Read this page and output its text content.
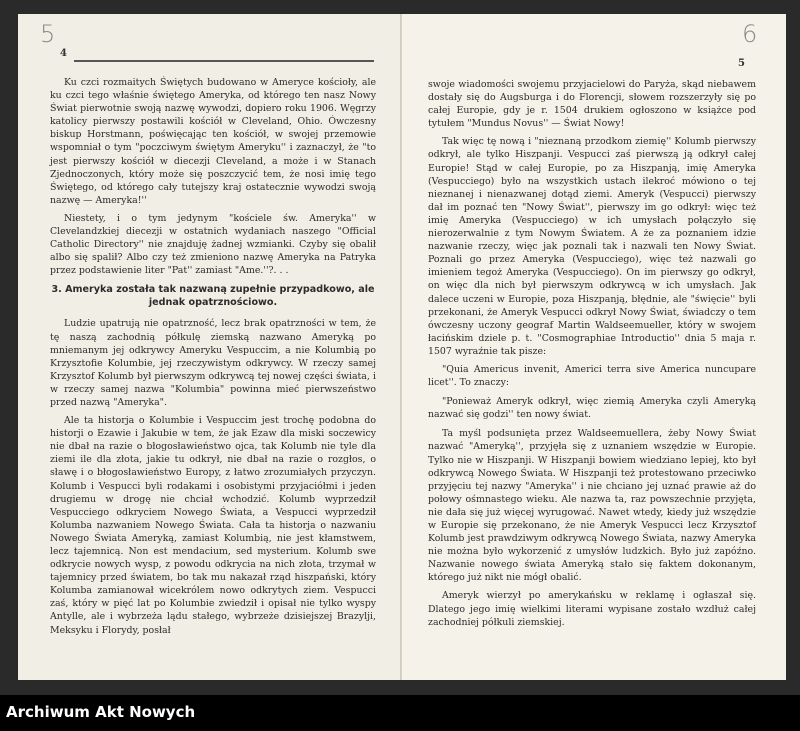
5
4

Ku czci rozmaitych Świętych budowano w Ameryce kościoły, ale ku czci tego właśnie świętego Ameryka, od którego ten nasz Nowy Świat pierwotnie swoją nazwę wywodzi, dopiero roku 1906. Węgrzy katolicy pierwszy postawili kościół w Cleveland, Ohio. Ówczesny biskup Horstmann, poświęcając ten kościół, w swojej przemowie wspomniał o tym "poczciwym świętym Ameryku'' i zaznaczył, że "to jest pierwszy kościół w diecezji Cleveland, a może i w Stanach Zjednoczonych, który może się poszczycić tem, że nosi imię tego Świętego, od którego cały tutejszy kraj ostatecznie wywodzi swoją nazwę — Ameryka!''

Niestety, i o tym jedynym "kościele św. Ameryka'' w Clevelandzkiej diecezji w ostatnich wydaniach naszego "Official Catholic Directory'' nie znajduję żadnej wzmianki. Czyby się obalił albo się spalił? Albo czy też zmieniono nazwę Ameryka na Patryka przez podstawienie liter "Pat'' zamiast "Ame.''?. . .

3. Ameryka została tak nazwaną zupełnie przypadkowo, ale jednak opatrznościowo.

Ludzie upatrują nie opatrzność, lecz brak opatrzności w tem, że tę naszą zachodnią półkulę ziemską nazwano Ameryką po mniemanym jej odkrywcy Ameryku Vespuccim, a nie Kolumbią po Krzysztofie Kolumbie, jej rzeczywistym odkrywcy. W rzeczy samej Krzysztof Kolumb był pierwszym odkrywcą tej nowej części świata, i w rzeczy samej nazwa "Kolumbia" powinna mieć pierwszeństwo przed nazwą "Ameryka".

Ale ta historja o Kolumbie i Vespuccim jest trochę podobna do historji o Ezawie i Jakubie w tem, że jak Ezaw dla miski soczewicy nie dbał na razie o błogosławieństwo ojca, tak Kolumb nie tyle dla ziemi ile dla złota, jakie tu odkrył, nie dbał na razie o rozgłos, o sławę i o błogosławieństwo Europy, z łatwo zrozumiałych przyczyn. Kolumb i Vespucci byli rodakami i osobistymi przyjaciółmi i jeden drugiemu w drogę nie chciał wchodzić. Kolumb wyprzedził Vespucciego odkryciem Nowego Świata, a Vespucci wyprzedził Kolumba nazwaniem Nowego Świata. Cała ta historja o nazwaniu Nowego Świata Ameryką, zamiast Kolumbią, nie jest kłamstwem, lecz tajemnicą. Non est mendacium, sed mysterium. Kolumb swe odkrycie nowych wysp, z powodu odkrycia na nich złota, trzymał w tajemnicy przed światem, bo tak mu nakazał rząd hiszpański, który Kolumba zamianował wicekrólem nowo odkrytych ziem. Vespucci zaś, który w pięć lat po Kolumbie zwiedził i opisał nie tylko wyspy Antylle, ale i wybrzeża lądu stałego, wybrzeże dzisiejszej Brazylji, Meksyku i Florydy, posłał

6
5

swoje wiadomości swojemu przyjacielowi do Paryża, skąd niebawem dostały się do Augsburga i do Florencji, słowem rozszerzyły się po całej Europie, gdy je r. 1504 drukiem ogłoszono w książce pod tytułem "Mundus Novus'' — Świat Nowy!

Tak więc tę nową i "nieznaną przodkom ziemię'' Kolumb pierwszy odkrył, ale tylko Hiszpanji. Vespucci zaś pierwszą ją odkrył całej Europie! Stąd w całej Europie, po za Hiszpanją, imię Ameryka (Vespucciego) było na wszystkich ustach ilekroć mówiono o tej nieznanej i nienazwanej dotąd ziemi. Ameryk (Vespucci) pierwszy dał im poznać ten "Nowy Świat'', pierwszy im go odkrył: więc też imię Ameryka (Vespucciego) w ich umysłach połączyło się nierozerwalnie z tym Nowym Światem. A że za poznaniem idzie nazwanie rzeczy, więc jak poznali tak i nazwali ten Nowy Świat. Poznali go przez Ameryka (Vespucciego), więc też nazwali go imieniem tegoż Ameryka (Vespucciego). On im pierwszy go odkrył, on więc dla nich był pierwszym odkrywcą w ich umysłach. Jak dalece uczeni w Europie, poza Hiszpanją, błędnie, ale "święcie'' byli przekonani, że Ameryk Vespucci odkrył Nowy Świat, świadczy o tem ówczesny uczony geograf Martin Waldseemueller, który w swojem łacińskim dziele p. t. "Cosmographiae Introductio'' dnia 5 maja r. 1507 wyraźnie tak pisze:

"Quia Americus invenit, Americi terra sive America nuncupare licet''. To znaczy:

"Ponieważ Ameryk odkrył, więc ziemią Ameryka czyli Ameryką nazwać się godzi'' ten nowy świat.

Ta myśl podsunięta przez Waldseemuellera, żeby Nowy Świat nazwać "Ameryką'', przyjęła się z uznaniem wszędzie w Europie. Tylko nie w Hiszpanji. W Hiszpanji bowiem wiedziano lepiej, kto był odkrywcą Nowego Świata. W Hiszpanji też protestowano przeciwko przyjęciu tej nazwy "Ameryka'' i nie chciano jej uznać prawie aż do połowy ośmnastego wieku. Ale nazwa ta, raz powszechnie przyjęta, nie dała się już więcej wyrugować. Nawet wtedy, kiedy już wszędzie w Europie się przekonano, że nie Ameryk Vespucci lecz Krzysztof Kolumb jest prawdziwym odkrywcą Nowego Świata, nazwy Ameryka nie można było wykorzenić z umysłów ludzkich. Było już zapóźno. Nazwanie nowego świata Ameryką stało się faktem dokonanym, którego już nikt nie mógł obalić.

Ameryk wierzył po amerykańsku w reklamę i ogłaszał się. Dlatego jego imię wielkimi literami wypisane zostało wzdłuż całej zachodniej półkuli ziemskiej.

Archiwum Akt Nowych
